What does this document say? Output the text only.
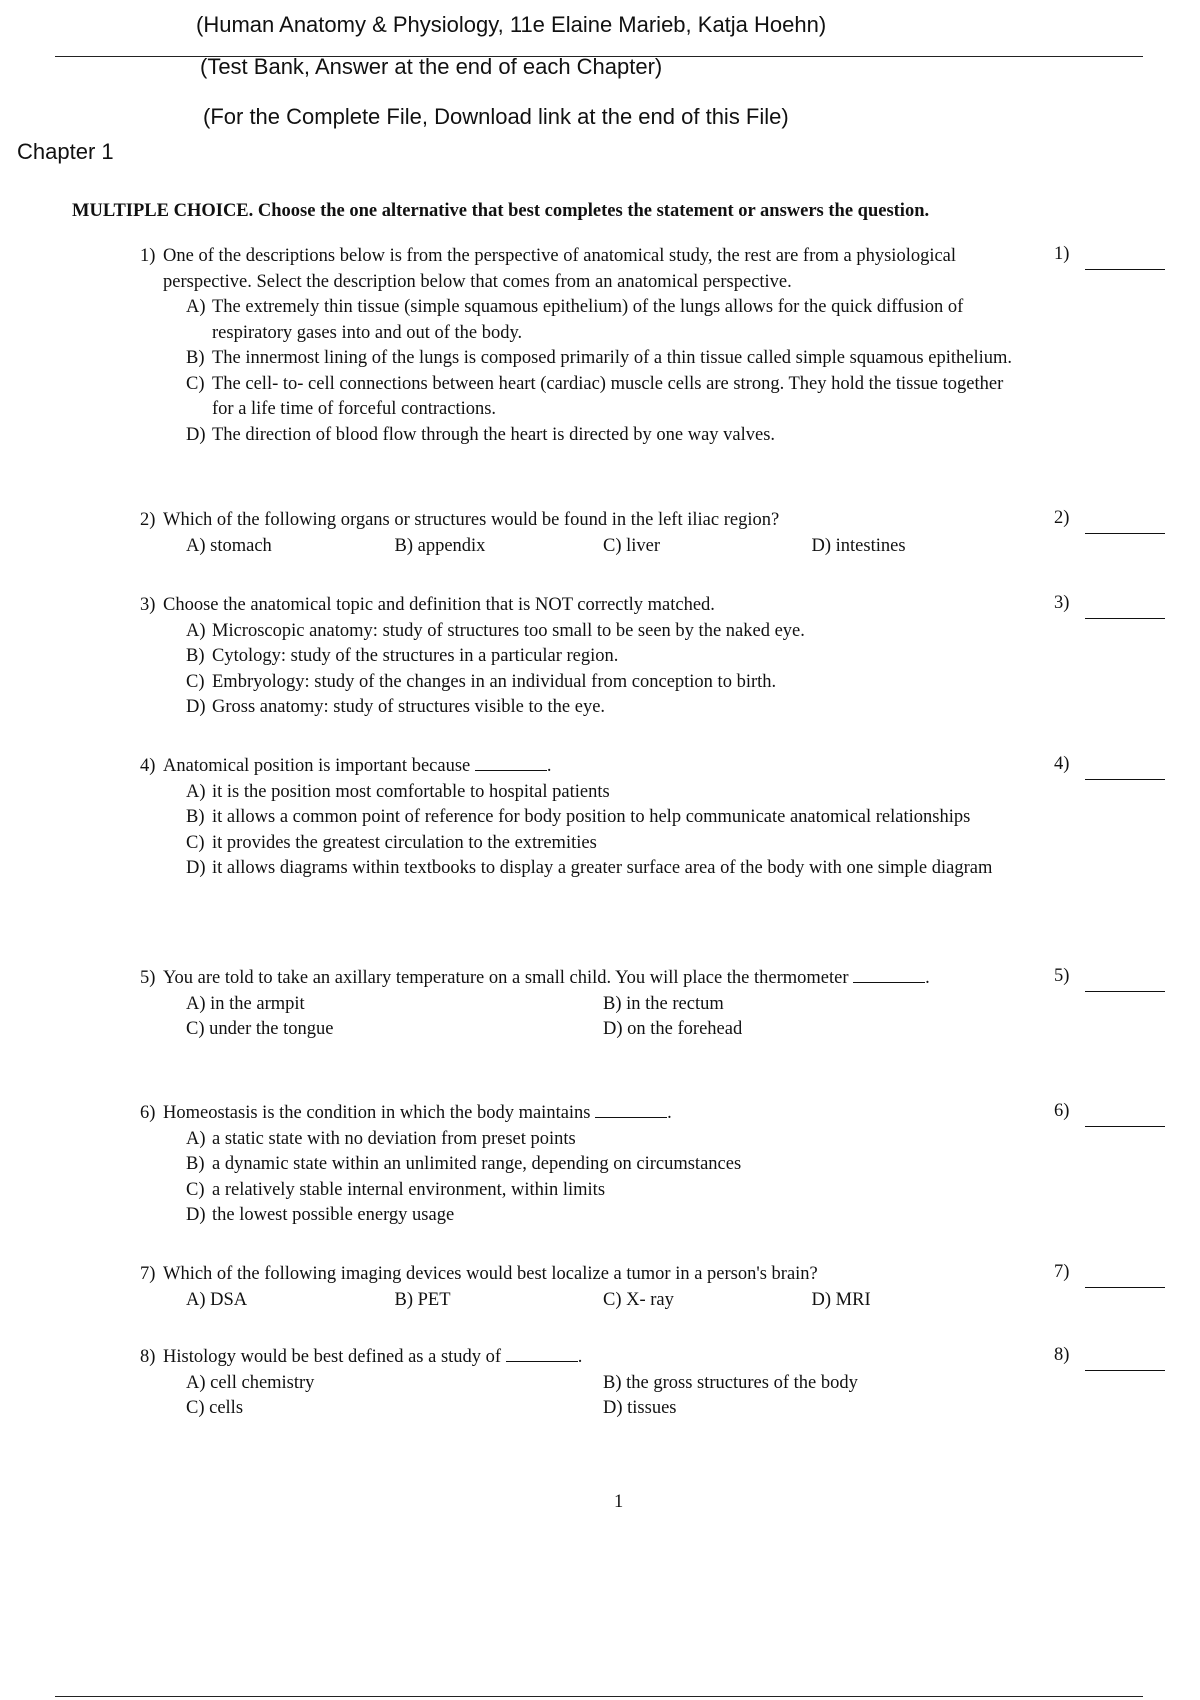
(Human Anatomy & Physiology, 11e Elaine Marieb, Katja Hoehn)
(Test Bank, Answer at the end of each Chapter)
(For the Complete File, Download link at the end of this File)
Chapter 1
MULTIPLE CHOICE. Choose the one alternative that best completes the statement or answers the question.
1) One of the descriptions below is from the perspective of anatomical study, the rest are from a physiological perspective. Select the description below that comes from an anatomical perspective.
A) The extremely thin tissue (simple squamous epithelium) of the lungs allows for the quick diffusion of respiratory gases into and out of the body.
B) The innermost lining of the lungs is composed primarily of a thin tissue called simple squamous epithelium.
C) The cell- to- cell connections between heart (cardiac) muscle cells are strong. They hold the tissue together for a life time of forceful contractions.
D) The direction of blood flow through the heart is directed by one way valves.
1)
2) Which of the following organs or structures would be found in the left iliac region?
A) stomach	B) appendix	C) liver	D) intestines
2)
3) Choose the anatomical topic and definition that is NOT correctly matched.
A) Microscopic anatomy: study of structures too small to be seen by the naked eye.
B) Cytology: study of the structures in a particular region.
C) Embryology: study of the changes in an individual from conception to birth.
D) Gross anatomy: study of structures visible to the eye.
3)
4) Anatomical position is important because	.
A) it is the position most comfortable to hospital patients
B) it allows a common point of reference for body position to help communicate anatomical relationships
C) it provides the greatest circulation to the extremities
D) it allows diagrams within textbooks to display a greater surface area of the body with one simple diagram
4)
5) You are told to take an axillary temperature on a small child. You will place the thermometer	.
A) in the armpit	B) in the rectum
C) under the tongue	D) on the forehead
5)
6) Homeostasis is the condition in which the body maintains	.
A) a static state with no deviation from preset points
B) a dynamic state within an unlimited range, depending on circumstances
C) a relatively stable internal environment, within limits
D) the lowest possible energy usage
6)
7) Which of the following imaging devices would best localize a tumor in a person's brain?
A) DSA	B) PET	C) X- ray	D) MRI
7)
8) Histology would be best defined as a study of	.
A) cell chemistry	B) the gross structures of the body
C) cells	D) tissues
8)
1
